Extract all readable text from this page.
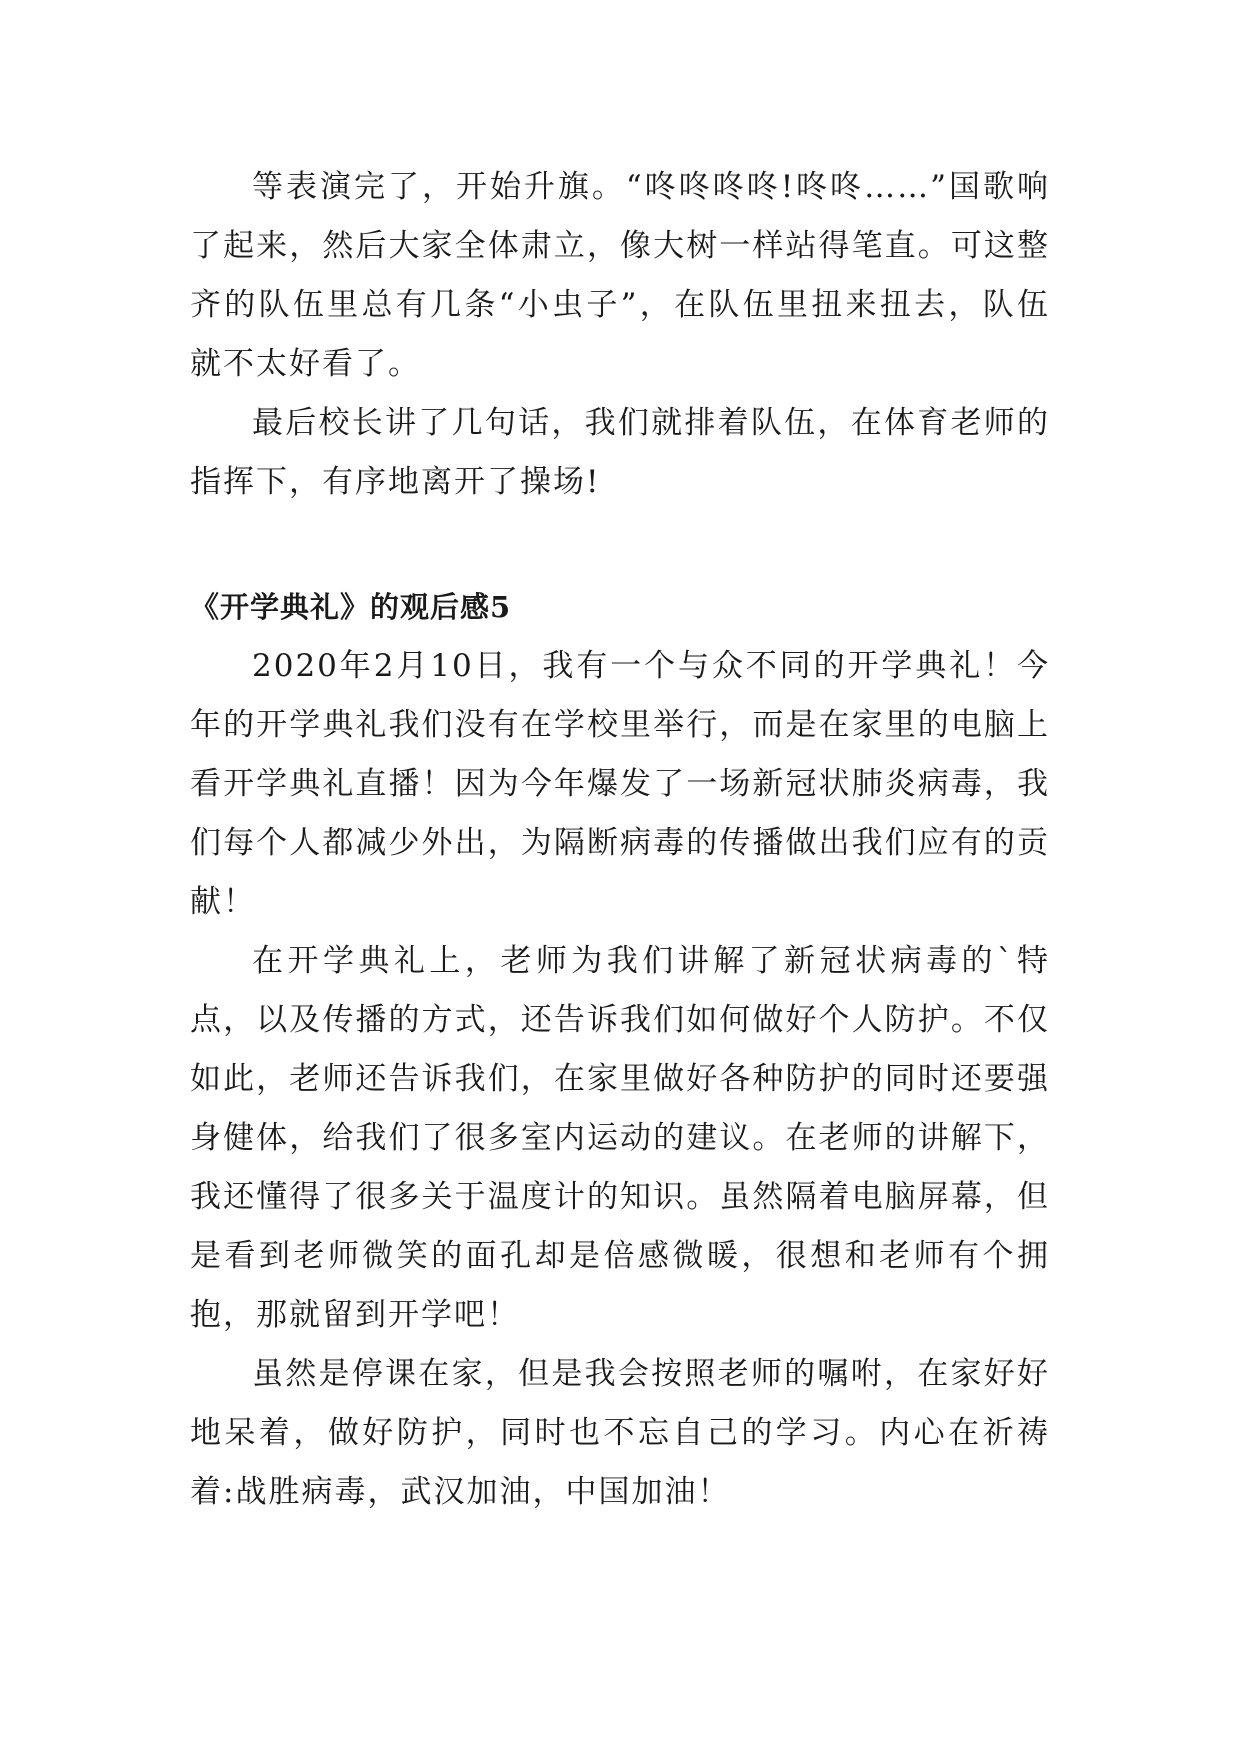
等表演完了，开始升旗。“咚咚咚咚!咚咚……”国歌响了起来，然后大家全体肃立，像大树一样站得笔直。可这整齐的队伍里总有几条“小虫子”，在队伍里扭来扭去，队伍就不太好看了。

最后校长讲了几句话，我们就排着队伍，在体育老师的指挥下，有序地离开了操场!

《开学典礼》的观后感5

2020年2月10日，我有一个与众不同的开学典礼！今年的开学典礼我们没有在学校里举行，而是在家里的电脑上看开学典礼直播！因为今年爆发了一场新冠状肺炎病毒，我们每个人都减少外出，为隔断病毒的传播做出我们应有的贡献！

在开学典礼上，老师为我们讲解了新冠状病毒的`特点，以及传播的方式，还告诉我们如何做好个人防护。不仅如此，老师还告诉我们，在家里做好各种防护的同时还要强身健体，给我们了很多室内运动的建议。在老师的讲解下，我还懂得了很多关于温度计的知识。虽然隔着电脑屏幕，但是看到老师微笑的面孔却是倍感微暖，很想和老师有个拥抱，那就留到开学吧！

虽然是停课在家，但是我会按照老师的嘱咐，在家好好地呆着，做好防护，同时也不忘自己的学习。内心在祈祷着:战胜病毒，武汉加油，中国加油！
